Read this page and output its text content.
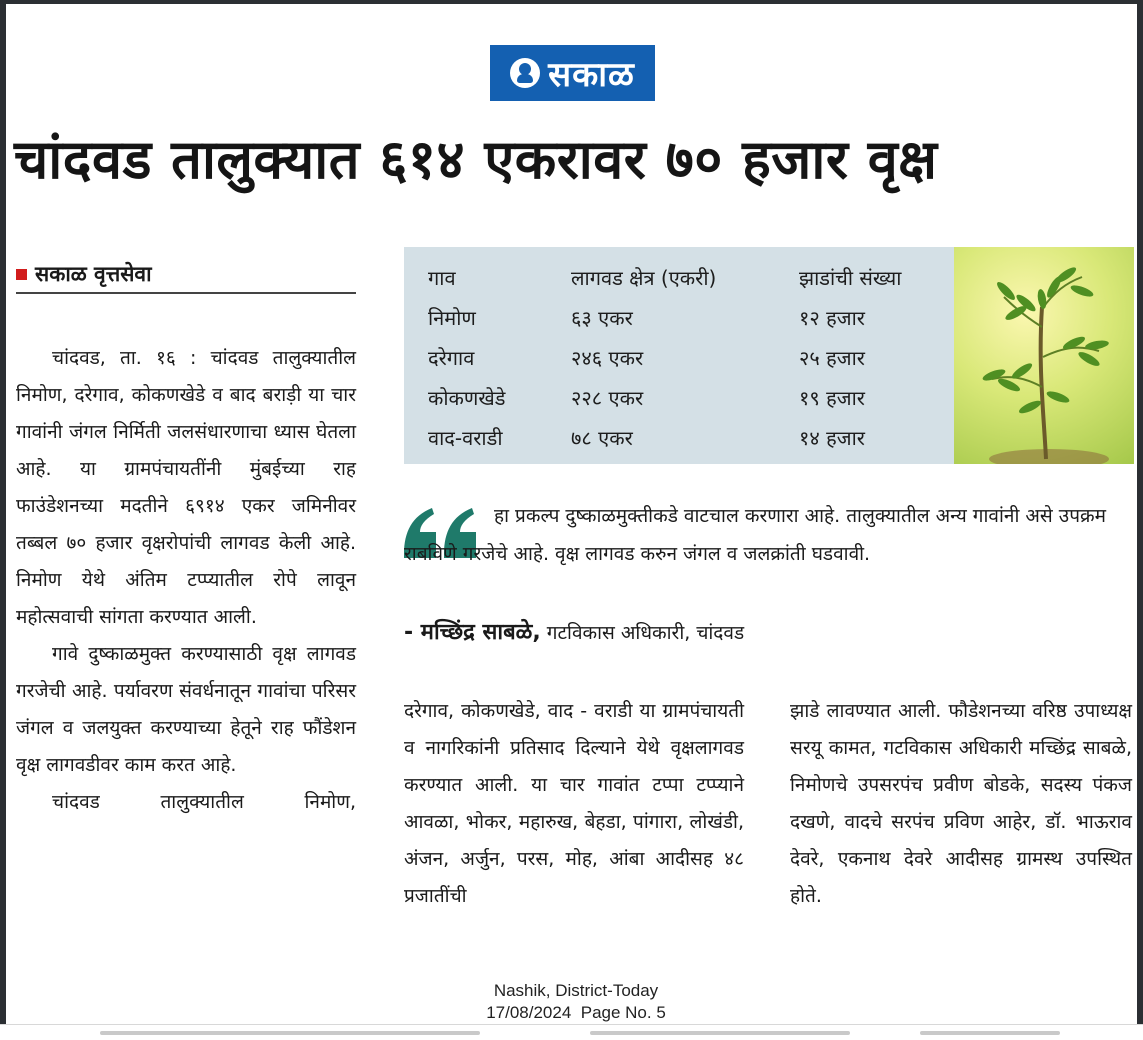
सकाळ
चांदवड तालुक्यात ६१४ एकरावर ७० हजार वृक्ष
सकाळ वृत्तसेवा

चांदवड, ता. १६ : चांदवड तालुक्यातील निमोण, दरेगाव, कोकणखेडे व बाद बराड़ी या चार गावांनी जंगल निर्मिती जलसंधारणाचा ध्यास घेतला आहे. या ग्रामपंचायतींनी मुंबईच्या राह फाउंडेशनच्या मदतीने ६९१४ एकर जमिनीवर तब्बल ७० हजार वृक्षरोपांची लागवड केली आहे. निमोण येथे अंतिम टप्प्यातील रोपे लावून महोत्सवाची सांगता करण्यात आली.

गावे दुष्काळमुक्त करण्यासाठी वृक्ष लागवड गरजेची आहे. पर्यावरण संवर्धनातून गावांचा परिसर जंगल व जलयुक्त करण्याच्या हेतूने राह फौंडेशन वृक्ष लागवडीवर काम करत आहे.

चांदवड तालुक्यातील निमोण,

गाव	लागवड क्षेत्र (एकरी)	झाडांची संख्या
निमोण	६३ एकर	१२ हजार
दरेगाव	२४६ एकर	२५ हजार
कोकणखेडे	२२८ एकर	१९ हजार
वाद-वराडी	७८ एकर	१४ हजार
हा प्रकल्प दुष्काळमुक्तीकडे वाटचाल करणारा आहे. तालुक्यातील अन्य गावांनी असे उपक्रम राबविणे गरजेचे आहे. वृक्ष लागवड करुन जंगल व जलक्रांती घडवावी.
- मच्छिंद्र साबळे, गटविकास अधिकारी, चांदवड

दरेगाव, कोकणखेडे, वाद - वराडी या ग्रामपंचायती व नागरिकांनी प्रतिसाद दिल्याने येथे वृक्षलागवड करण्यात आली. या चार गावांत टप्पा टप्प्याने आवळा, भोकर, महारुख, बेहडा, पांगारा, लोखंडी, अंजन, अर्जुन, परस, मोह, आंबा आदीसह ४८ प्रजातींची

झाडे लावण्यात आली. फौडेशनच्या वरिष्ठ उपाध्यक्ष सरयू कामत, गटविकास अधिकारी मच्छिंद्र साबळे, निमोणचे उपसरपंच प्रवीण बोडके, सदस्य पंकज दखणे, वादचे सरपंच प्रविण आहेर, डॉ. भाऊराव देवरे, एकनाथ देवरे आदीसह ग्रामस्थ उपस्थित होते.

Nashik, District-Today
17/08/2024  Page No. 5
